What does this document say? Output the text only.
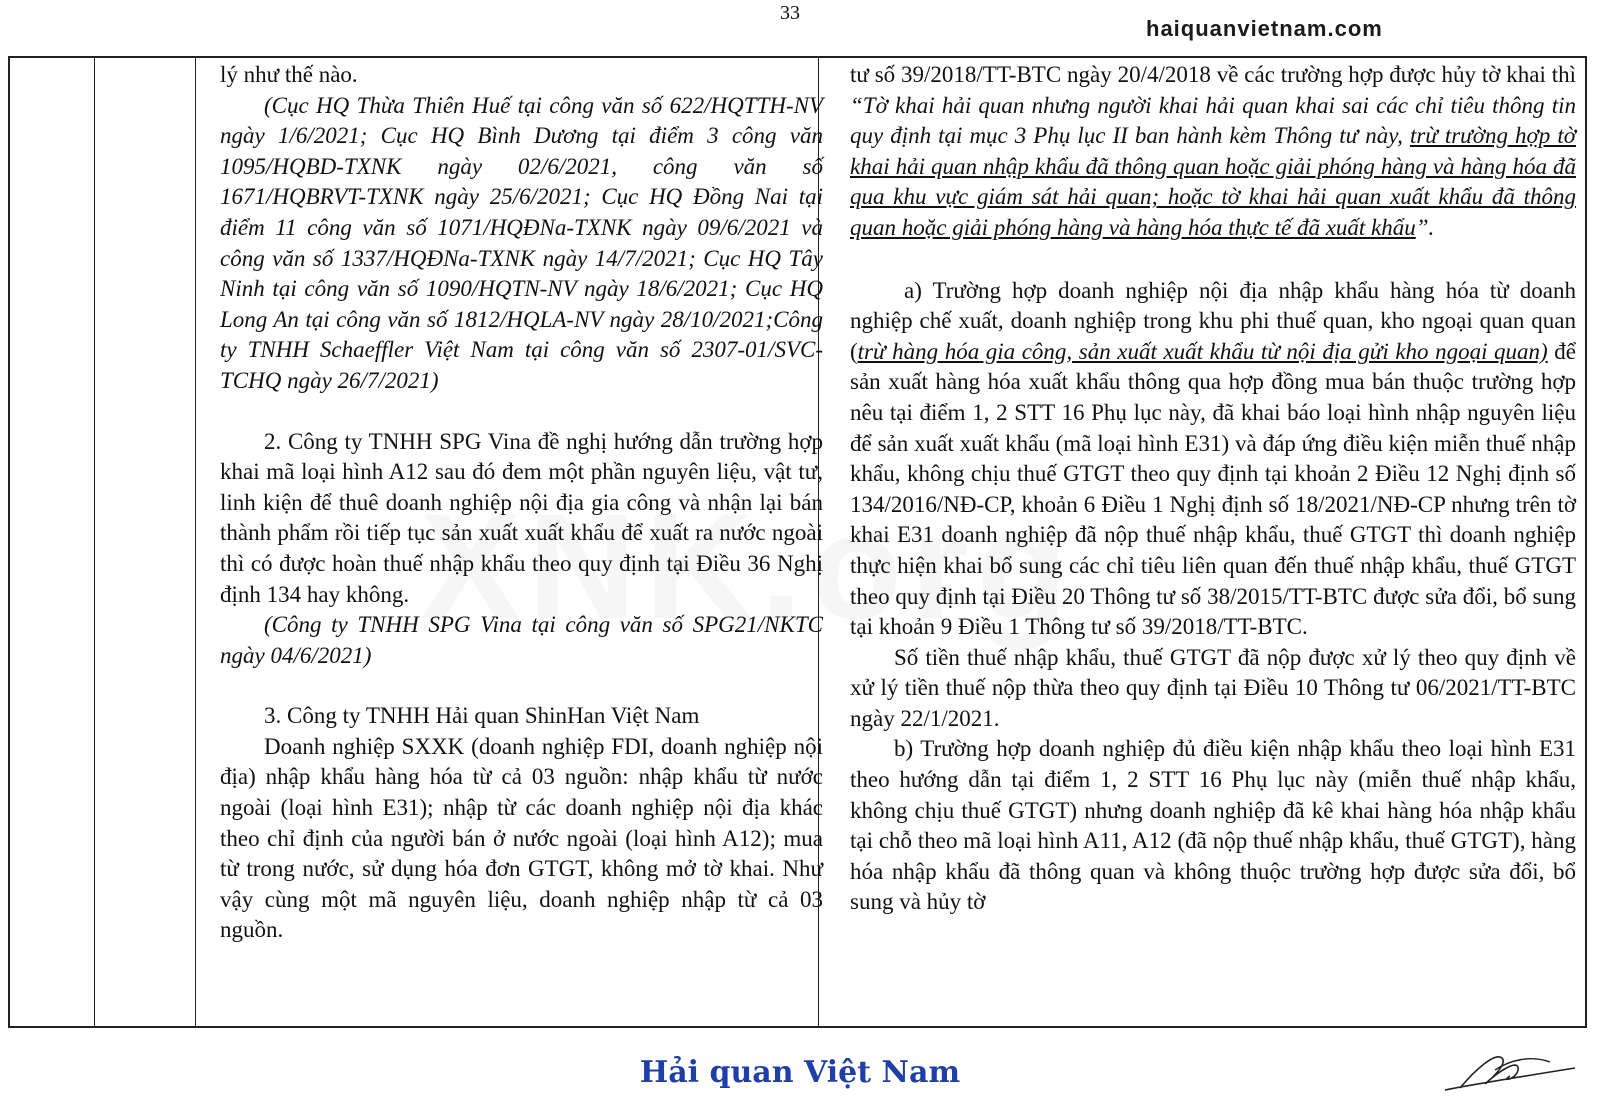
33
haiquanvietnam.com

lý như thế nào.

(Cục HQ Thừa Thiên Huế tại công văn số 622/HQTTH-NV ngày 1/6/2021; Cục HQ Bình Dương tại điểm 3 công văn 1095/HQBD-TXNK ngày 02/6/2021, công văn số 1671/HQBRVT-TXNK ngày 25/6/2021; Cục HQ Đồng Nai tại điểm 11 công văn số 1071/HQĐNa-TXNK ngày 09/6/2021 và công văn số 1337/HQĐNa-TXNK ngày 14/7/2021; Cục HQ Tây Ninh tại công văn số 1090/HQTN-NV ngày 18/6/2021; Cục HQ Long An tại công văn số 1812/HQLA-NV ngày 28/10/2021;Công ty TNHH Schaeffler Việt Nam tại công văn số 2307-01/SVC-TCHQ ngày 26/7/2021)

2. Công ty TNHH SPG Vina đề nghị hướng dẫn trường hợp khai mã loại hình A12 sau đó đem một phần nguyên liệu, vật tư, linh kiện để thuê doanh nghiệp nội địa gia công và nhận lại bán thành phẩm rồi tiếp tục sản xuất xuất khẩu để xuất ra nước ngoài thì có được hoàn thuế nhập khẩu theo quy định tại Điều 36 Nghị định 134 hay không.

(Công ty TNHH SPG Vina tại công văn số SPG21/NKTC ngày 04/6/2021)

3. Công ty TNHH Hải quan ShinHan Việt Nam

Doanh nghiệp SXXK (doanh nghiệp FDI, doanh nghiệp nội địa) nhập khẩu hàng hóa từ cả 03 nguồn: nhập khẩu từ nước ngoài (loại hình E31); nhập từ các doanh nghiệp nội địa khác theo chỉ định của người bán ở nước ngoài (loại hình A12); mua từ trong nước, sử dụng hóa đơn GTGT, không mở tờ khai. Như vậy cùng một mã nguyên liệu, doanh nghiệp nhập từ cả 03 nguồn.

tư số 39/2018/TT-BTC ngày 20/4/2018 về các trường hợp được hủy tờ khai thì “Tờ khai hải quan nhưng người khai hải quan khai sai các chỉ tiêu thông tin quy định tại mục 3 Phụ lục II ban hành kèm Thông tư này, trừ trường hợp tờ khai hải quan nhập khẩu đã thông quan hoặc giải phóng hàng và hàng hóa đã qua khu vực giám sát hải quan; hoặc tờ khai hải quan xuất khẩu đã thông quan hoặc giải phóng hàng và hàng hóa thực tế đã xuất khẩu”.

a) Trường hợp doanh nghiệp nội địa nhập khẩu hàng hóa từ doanh nghiệp chế xuất, doanh nghiệp trong khu phi thuế quan, kho ngoại quan quan (trừ hàng hóa gia công, sản xuất xuất khẩu từ nội địa gửi kho ngoại quan) để sản xuất hàng hóa xuất khẩu thông qua hợp đồng mua bán thuộc trường hợp nêu tại điểm 1, 2 STT 16 Phụ lục này, đã khai báo loại hình nhập nguyên liệu để sản xuất xuất khẩu (mã loại hình E31) và đáp ứng điều kiện miễn thuế nhập khẩu, không chịu thuế GTGT theo quy định tại khoản 2 Điều 12 Nghị định số 134/2016/NĐ-CP, khoản 6 Điều 1 Nghị định số 18/2021/NĐ-CP nhưng trên tờ khai E31 doanh nghiệp đã nộp thuế nhập khẩu, thuế GTGT thì doanh nghiệp thực hiện khai bổ sung các chỉ tiêu liên quan đến thuế nhập khẩu, thuế GTGT theo quy định tại Điều 20 Thông tư số 38/2015/TT-BTC được sửa đổi, bổ sung tại khoản 9 Điều 1 Thông tư số 39/2018/TT-BTC.

Số tiền thuế nhập khẩu, thuế GTGT đã nộp được xử lý theo quy định về xử lý tiền thuế nộp thừa theo quy định tại Điều 10 Thông tư 06/2021/TT-BTC ngày 22/1/2021.

b) Trường hợp doanh nghiệp đủ điều kiện nhập khẩu theo loại hình E31 theo hướng dẫn tại điểm 1, 2 STT 16 Phụ lục này (miễn thuế nhập khẩu, không chịu thuế GTGT) nhưng doanh nghiệp đã kê khai hàng hóa nhập khẩu tại chỗ theo mã loại hình A11, A12 (đã nộp thuế nhập khẩu, thuế GTGT), hàng hóa nhập khẩu đã thông quan và không thuộc trường hợp được sửa đổi, bổ sung và hủy tờ

Hải quan Việt Nam
